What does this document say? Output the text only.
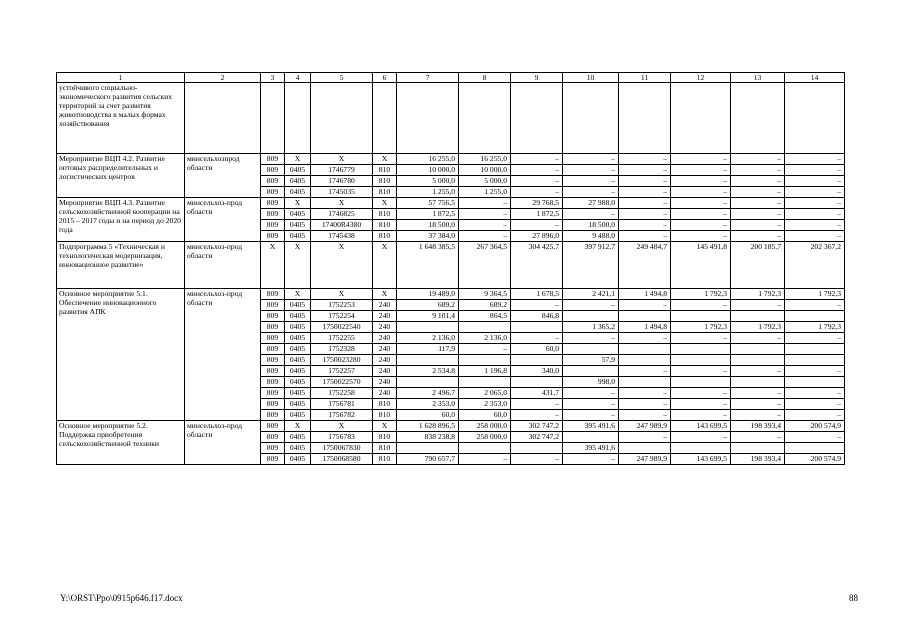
1	2	3	4	5	6	7	8	9	10	11	12	13	14
устойчивого социально-экономического развития сельских территорий за счет развития животноводства в малых формах хозяйствования													
Мероприятие ВЦП 4.2. Развитие оптовых распределительных и логистических центров	минсельхозпрод области	809	X	X	X	16 255,0	16 255,0	–	–	–	–	–	–
		809	0405	1746779	810	10 000,0	10 000,0	–	–	–	–	–	–
		809	0405	1746780	810	5 000,0	5 000,0	–	–	–	–	–	–
		809	0405	1745035	810	1 255,0	1 255,0	–	–	–	–	–	–
Мероприятие ВЦП 4.3. Развитие сельскохозяйственной кооперации на 2015 – 2017 годы и на период до 2020 года	минсельхоз-прод области	809	X	X	X	57 756,5	–	29 768,5	27 988,0	–	–	–	–
		809	0405	1746825	810	1 872,5	–	1 872,5	–	–	–	–	–
		809	0405	17400R4380	810	18 500,0	–	–	18 500,0	–	–	–	–
		809	0405	1745438	810	37 384,0	–	27 896,0	9 488,0	–	–	–	–
Подпрограмма 5 «Техническая и технологическая модернизация, инновационное развитие»	минсельхоз-прод области	X	X	X	X	1 648 385,5	267 364,5	304 425,7	397 912,7	249 484,7	145 491,8	200 185,7	202 367,2
Основное мероприятие 5.1. Обеспечение инновационного развития АПК	минсельхоз-прод области	809	X	X	X	19 489,0	9 364,5	1 678,5	2 421,1	1 494,8	1 792,3	1 792,3	1 792,3
		809	0405	1752253	240	689,2	689,2	–	–	–	–	–	–
		809	0405	1752254	240	9 101,4	864,5	846,8					
		809	0405	1750022540	240				1 365,2	1 494,8	1 792,3	1 792,3	1 792,3
		809	0405	1752255	240	2 136,0	2 136,0	–	–	–	–	–	–
		809	0405	1752328	240	117,9	–	60,0					
		809	0405	1750023280	240				57,9				
		809	0405	1752257	240	2 534,8	1 196,8	340,0		–	–	–	–
		809	0405	1750022570	240				998,0				
		809	0405	1752258	240	2 496,7	2 065,0	431,7	–	–	–	–	–
		809	0405	1756781	810	2 353,0	2 353,0	–	–	–	–	–	–
		809	0405	1756782	810	60,0	60,0	–	–	–	–	–	–
Основное мероприятие 5.2. Поддержка приобретения сельскохозяйственной техники	минсельхоз-прод области	809	X	X	X	1 628 896,5	258 000,0	302 747,2	395 491,6	247 989,9	143 699,5	198 393,4	200 574,9
		809	0405	1756783	810	838 238,8	258 000,0	302 747,2		–	–	–	–
		809	0405	1750067830	810				395 491,6				
		809	0405	1750068580	810	790 657,7	–	–	–	247 989,9	143 699,5	198 393,4	200 574,9
Y:\ORST\Ppo\0915p646.f17.docx	88
